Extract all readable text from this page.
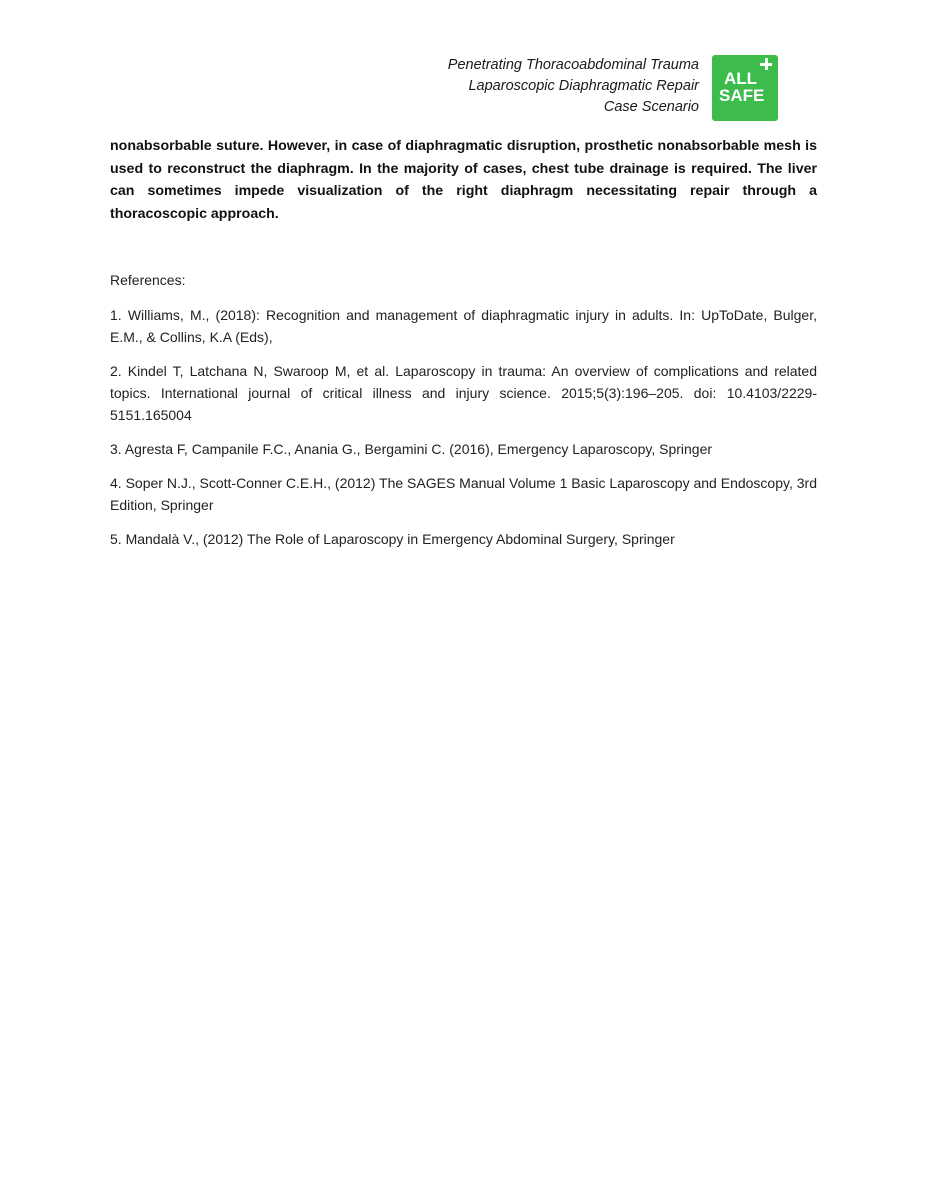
Penetrating Thoracoabdominal Trauma
Laparoscopic Diaphragmatic Repair
Case Scenario
ALL
SAFE

nonabsorbable suture. However, in case of diaphragmatic disruption, prosthetic nonabsorbable mesh is used to reconstruct the diaphragm. In the majority of cases, chest tube drainage is required. The liver can sometimes impede visualization of the right diaphragm necessitating repair through a thoracoscopic approach.

References:

1. Williams, M., (2018): Recognition and management of diaphragmatic injury in adults. In: UpToDate, Bulger, E.M., & Collins, K.A (Eds),
2. Kindel T, Latchana N, Swaroop M, et al. Laparoscopy in trauma: An overview of complications and related topics. International journal of critical illness and injury science. 2015;5(3):196–205. doi: 10.4103/2229-5151.165004
3. Agresta F, Campanile F.C., Anania G., Bergamini C. (2016), Emergency Laparoscopy, Springer
4. Soper N.J., Scott-Conner C.E.H., (2012) The SAGES Manual Volume 1 Basic Laparoscopy and Endoscopy, 3rd Edition, Springer
5. Mandalà V., (2012) The Role of Laparoscopy in Emergency Abdominal Surgery, Springer
